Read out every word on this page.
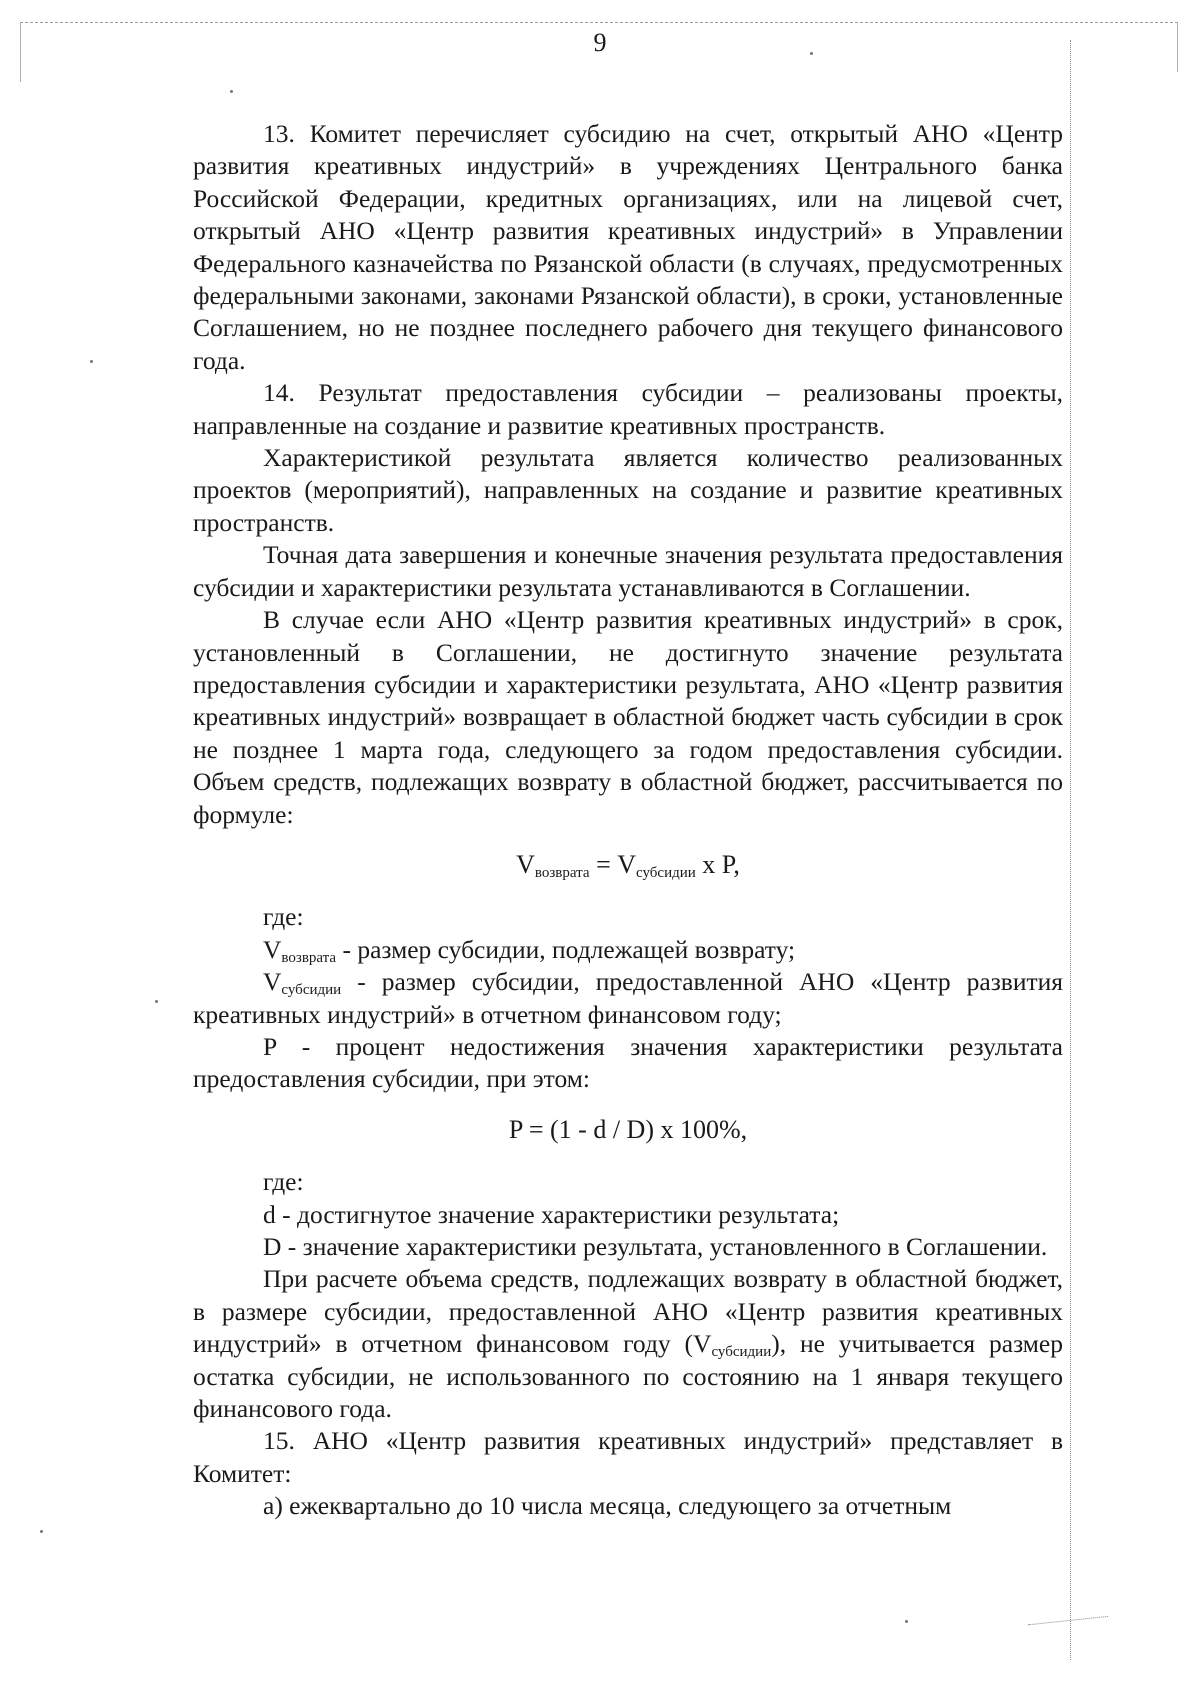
9

13. Комитет перечисляет субсидию на счет, открытый АНО «Центр развития креативных индустрий» в учреждениях Центрального банка Российской Федерации, кредитных организациях, или на лицевой счет, открытый АНО «Центр развития креативных индустрий» в Управлении Федерального казначейства по Рязанской области (в случаях, предусмотренных федеральными законами, законами Рязанской области), в сроки, установленные Соглашением, но не позднее последнего рабочего дня текущего финансового года.

14. Результат предоставления субсидии – реализованы проекты, направленные на создание и развитие креативных пространств.

Характеристикой результата является количество реализованных проектов (мероприятий), направленных на создание и развитие креативных пространств.

Точная дата завершения и конечные значения результата предоставления субсидии и характеристики результата устанавливаются в Соглашении.

В случае если АНО «Центр развития креативных индустрий» в срок, установленный в Соглашении, не достигнуто значение результата предоставления субсидии и характеристики результата, АНО «Центр развития креативных индустрий» возвращает в областной бюджет часть субсидии в срок не позднее 1 марта года, следующего за годом предоставления субсидии. Объем средств, подлежащих возврату в областной бюджет, рассчитывается по формуле:

$V_{возврата} = V_{субсидии}$ x P,

где:

$V_{возврата}$ - размер субсидии, подлежащей возврату;

$V_{субсидии}$ - размер субсидии, предоставленной АНО «Центр развития креативных индустрий» в отчетном финансовом году;

P - процент недостижения значения характеристики результата предоставления субсидии, при этом:

P = (1 - d / D) x 100%,

где:

d - достигнутое значение характеристики результата;

D - значение характеристики результата, установленного в Соглашении.

При расчете объема средств, подлежащих возврату в областной бюджет, в размере субсидии, предоставленной АНО «Центр развития креативных индустрий» в отчетном финансовом году $(V_{субсидии})$, не учитывается размер остатка субсидии, не использованного по состоянию на 1 января текущего финансового года.

15. АНО «Центр развития креативных индустрий» представляет в Комитет:

а) ежеквартально до 10 числа месяца, следующего за отчетным
